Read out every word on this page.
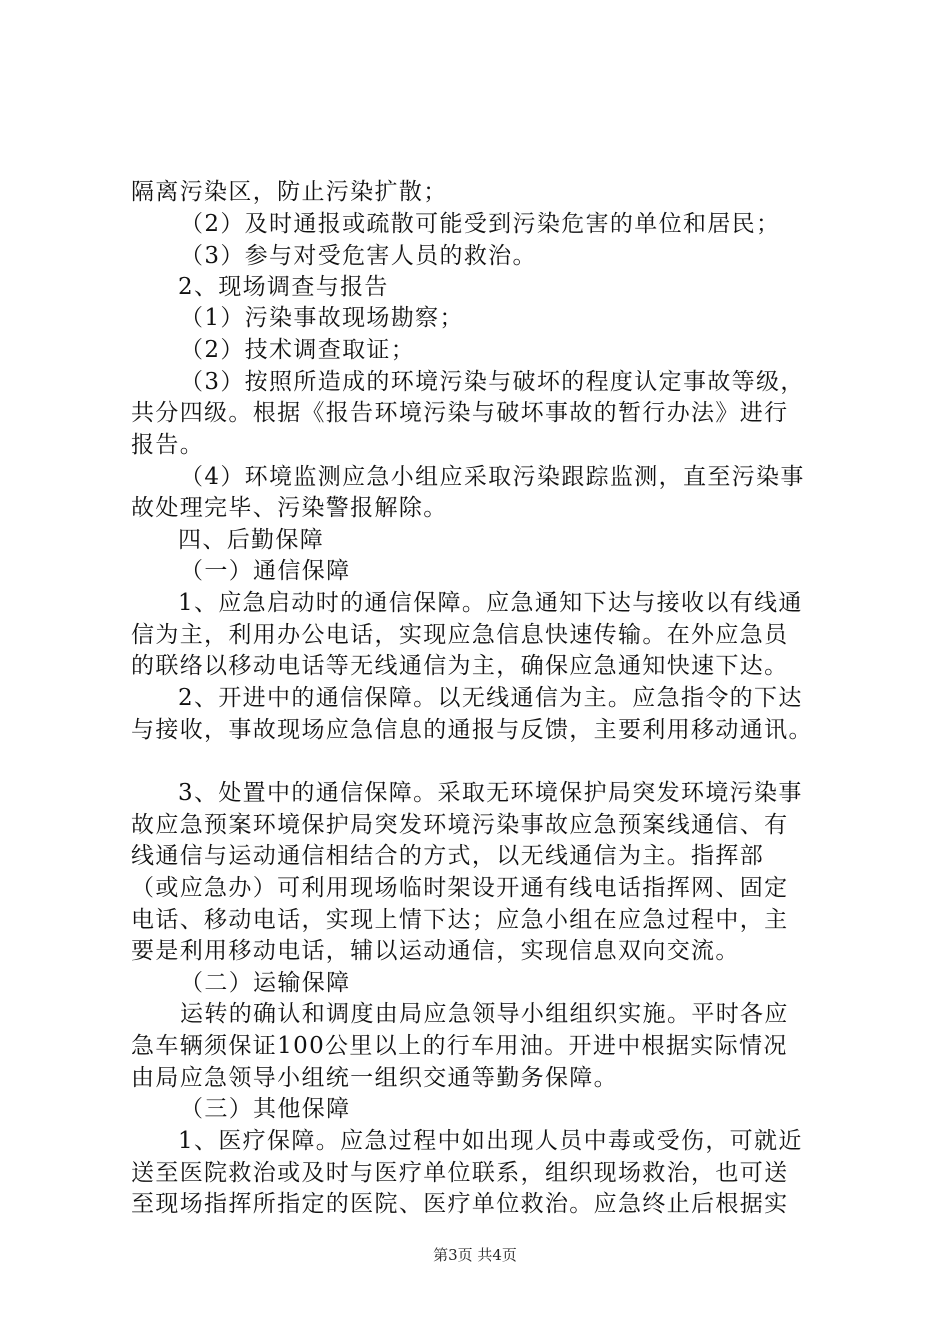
隔离污染区，防止污染扩散；
（2）及时通报或疏散可能受到污染危害的单位和居民；
（3）参与对受危害人员的救治。
2、现场调查与报告
（1）污染事故现场勘察；
（2）技术调查取证；
（3）按照所造成的环境污染与破坏的程度认定事故等级，
共分四级。根据《报告环境污染与破坏事故的暂行办法》进行
报告。
（4）环境监测应急小组应采取污染跟踪监测，直至污染事
故处理完毕、污染警报解除。
四、后勤保障
（一）通信保障
1、应急启动时的通信保障。应急通知下达与接收以有线通
信为主，利用办公电话，实现应急信息快速传输。在外应急员
的联络以移动电话等无线通信为主，确保应急通知快速下达。
2、开进中的通信保障。以无线通信为主。应急指令的下达
与接收，事故现场应急信息的通报与反馈，主要利用移动通讯。
3、处置中的通信保障。采取无环境保护局突发环境污染事
故应急预案环境保护局突发环境污染事故应急预案线通信、有
线通信与运动通信相结合的方式，以无线通信为主。指挥部
（或应急办）可利用现场临时架设开通有线电话指挥网、固定
电话、移动电话，实现上情下达；应急小组在应急过程中，主
要是利用移动电话，辅以运动通信，实现信息双向交流。
（二）运输保障
运转的确认和调度由局应急领导小组组织实施。平时各应
急车辆须保证100公里以上的行车用油。开进中根据实际情况
由局应急领导小组统一组织交通等勤务保障。
（三）其他保障
1、医疗保障。应急过程中如出现人员中毒或受伤，可就近
送至医院救治或及时与医疗单位联系，组织现场救治，也可送
至现场指挥所指定的医院、医疗单位救治。应急终止后根据实
第3页 共4页
